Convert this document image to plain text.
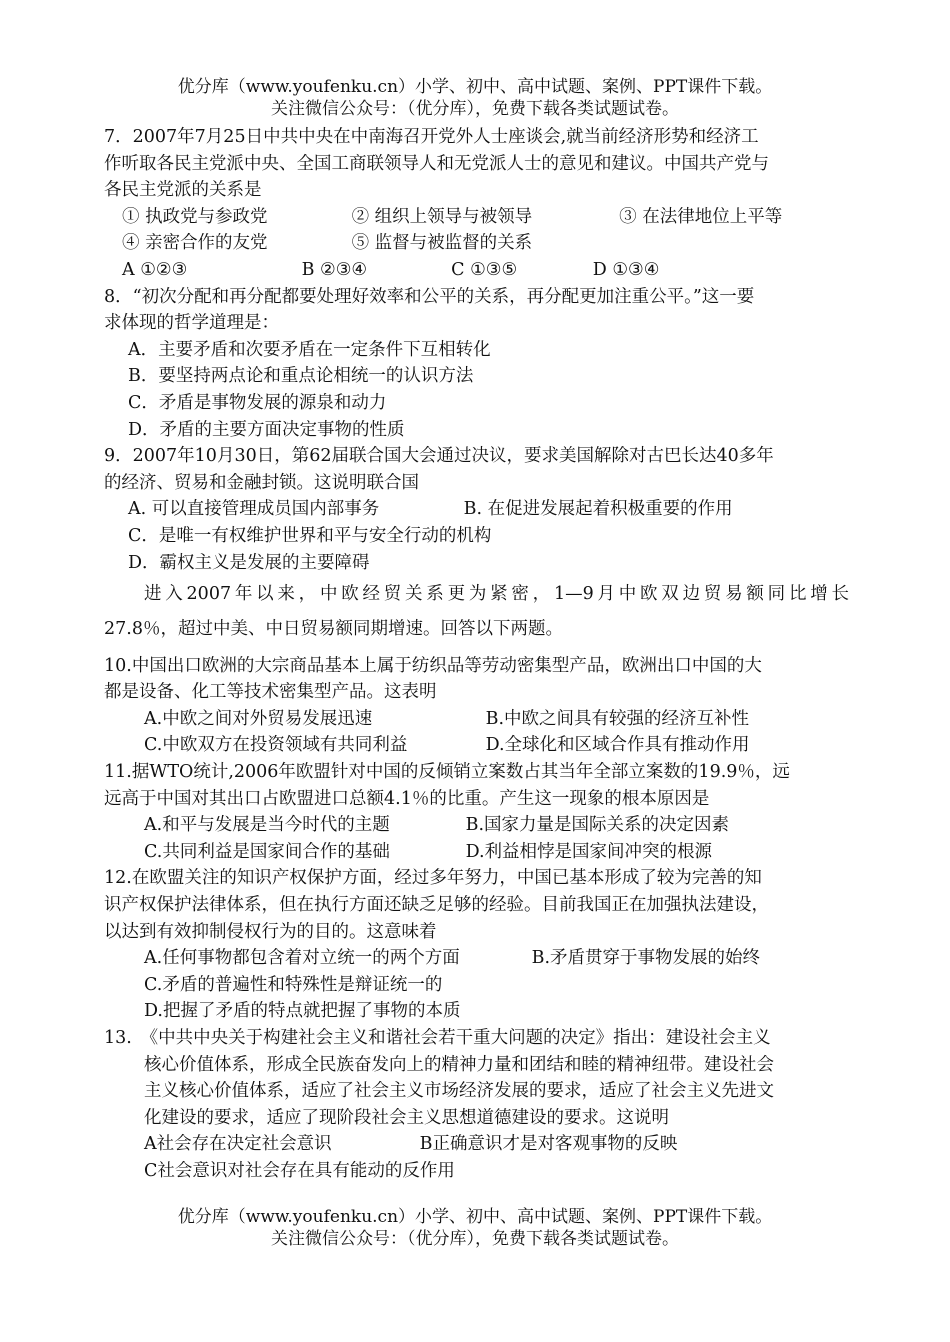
优分库（www.youfenku.cn）小学、初中、高中试题、案例、PPT课件下载。
关注微信公众号：（优分库），免费下载各类试题试卷。
7．2007年7月25日中共中央在中南海召开党外人士座谈会,就当前经济形势和经济工
作听取各民主党派中央、全国工商联领导人和无党派人士的意见和建议。中国共产党与
各民主党派的关系是
① 执政党与参政党	② 组织上领导与被领导	③ 在法律地位上平等
④ 亲密合作的友党	⑤ 监督与被监督的关系
A ①②③	B ②③④	C ①③⑤	D ①③④
8．“初次分配和再分配都要处理好效率和公平的关系，再分配更加注重公平。”这一要
求体现的哲学道理是：
A．主要矛盾和次要矛盾在一定条件下互相转化
B．要坚持两点论和重点论相统一的认识方法
C．矛盾是事物发展的源泉和动力
D．矛盾的主要方面决定事物的性质
9．2007年10月30日，第62届联合国大会通过决议，要求美国解除对古巴长达40多年
的经济、贸易和金融封锁。这说明联合国
A. 可以直接管理成员国内部事务	B. 在促进发展起着积极重要的作用
C．是唯一有权维护世界和平与安全行动的机构
D．霸权主义是发展的主要障碍
进入2007年以来，中欧经贸关系更为紧密，1—9月中欧双边贸易额同比增长
27.8％，超过中美、中日贸易额同期增速。回答以下两题。
10.中国出口欧洲的大宗商品基本上属于纺织品等劳动密集型产品，欧洲出口中国的大
都是设备、化工等技术密集型产品。这表明
A.中欧之间对外贸易发展迅速	B.中欧之间具有较强的经济互补性
C.中欧双方在投资领域有共同利益	D.全球化和区域合作具有推动作用
11.据WTO统计,2006年欧盟针对中国的反倾销立案数占其当年全部立案数的19.9％，远
远高于中国对其出口占欧盟进口总额4.1％的比重。产生这一现象的根本原因是
A.和平与发展是当今时代的主题	B.国家力量是国际关系的决定因素
C.共同利益是国家间合作的基础	D.利益相悖是国家间冲突的根源
12.在欧盟关注的知识产权保护方面，经过多年努力，中国已基本形成了较为完善的知
识产权保护法律体系，但在执行方面还缺乏足够的经验。目前我国正在加强执法建设，
以达到有效抑制侵权行为的目的。这意味着
A.任何事物都包含着对立统一的两个方面	B.矛盾贯穿于事物发展的始终
C.矛盾的普遍性和特殊性是辩证统一的
D.把握了矛盾的特点就把握了事物的本质
13.　《中共中央关于构建社会主义和谐社会若干重大问题的决定》指出：建设社会主义
核心价值体系，形成全民族奋发向上的精神力量和团结和睦的精神纽带。建设社会
主义核心价值体系，适应了社会主义市场经济发展的要求，适应了社会主义先进文
化建设的要求，适应了现阶段社会主义思想道德建设的要求。这说明
A社会存在决定社会意识	B正确意识才是对客观事物的反映
C社会意识对社会存在具有能动的反作用
优分库（www.youfenku.cn）小学、初中、高中试题、案例、PPT课件下载。
关注微信公众号：（优分库），免费下载各类试题试卷。
